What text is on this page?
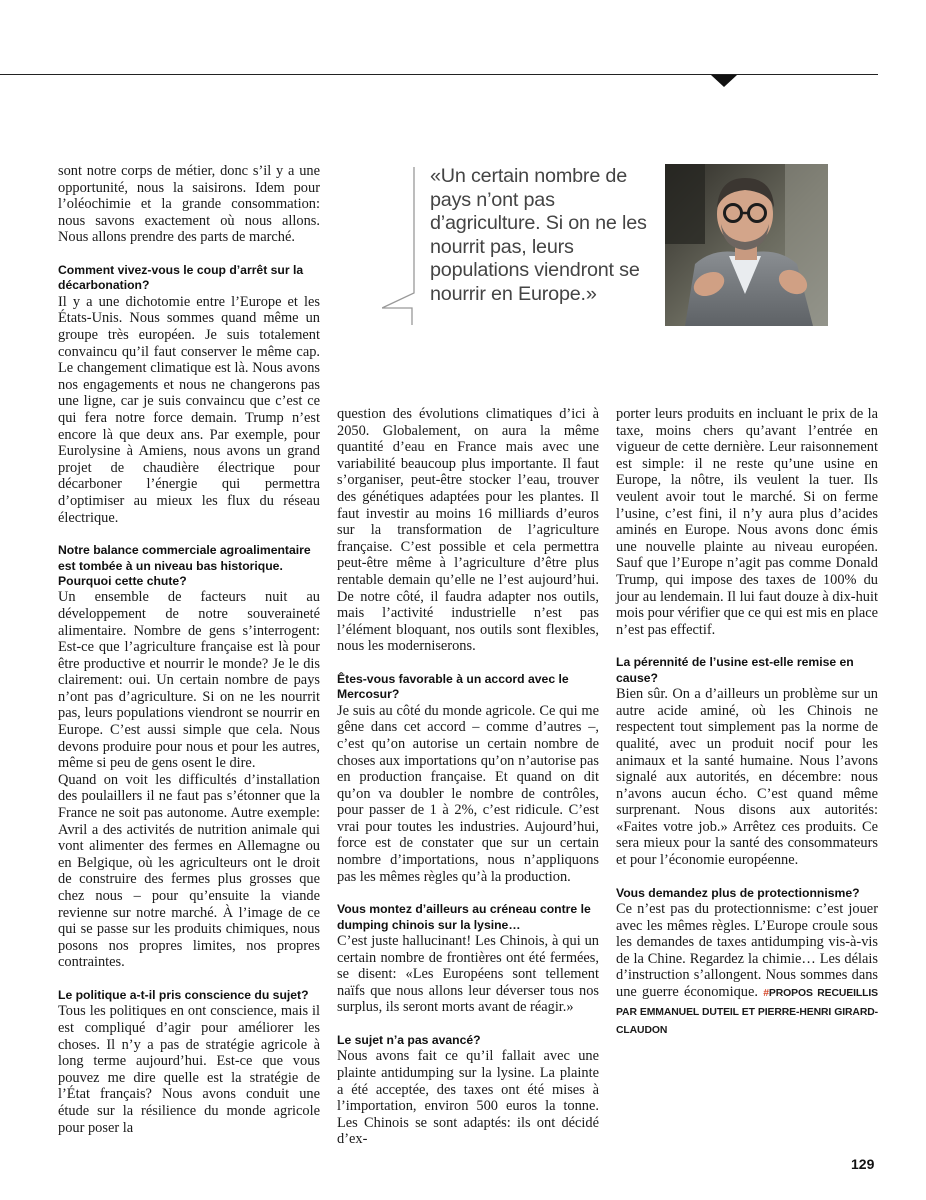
sont notre corps de métier, donc s’il y a une opportunité, nous la saisirons. Idem pour l’oléochimie et la grande consommation: nous savons exactement où nous allons. Nous allons prendre des parts de marché.

Comment vivez-vous le coup d’arrêt sur la décarbonation?

Il y a une dichotomie entre l’Europe et les États-Unis. Nous sommes quand même un groupe très européen. Je suis totalement convaincu qu’il faut conserver le même cap. Le changement climatique est là. Nous avons nos engagements et nous ne changerons pas une ligne, car je suis convaincu que c’est ce qui fera notre force demain. Trump n’est encore là que deux ans. Par exemple, pour Eurolysine à Amiens, nous avons un grand projet de chaudière électrique pour décarboner l’énergie qui permettra d’optimiser au mieux les flux du réseau électrique.

Notre balance commerciale agroalimentaire est tombée à un niveau bas historique. Pourquoi cette chute?

Un ensemble de facteurs nuit au développement de notre souveraineté alimentaire. Nombre de gens s’interrogent: Est-ce que l’agriculture française est là pour être productive et nourrir le monde? Je le dis clairement: oui. Un certain nombre de pays n’ont pas d’agriculture. Si on ne les nourrit pas, leurs populations viendront se nourrir en Europe. C’est aussi simple que cela. Nous devons produire pour nous et pour les autres, même si peu de gens osent le dire.

Quand on voit les difficultés d’installation des poulaillers il ne faut pas s’étonner que la France ne soit pas autonome. Autre exemple: Avril a des activités de nutrition animale qui vont alimenter des fermes en Allemagne ou en Belgique, où les agriculteurs ont le droit de construire des fermes plus grosses que chez nous – pour qu’ensuite la viande revienne sur notre marché. À l’image de ce qui se passe sur les produits chimiques, nous posons nos propres limites, nos propres contraintes.

Le politique a-t-il pris conscience du sujet?

Tous les politiques en ont conscience, mais il est compliqué d’agir pour améliorer les choses. Il n’y a pas de stratégie agricole à long terme aujourd’hui. Est-ce que vous pouvez me dire quelle est la stratégie de l’État français? Nous avons conduit une étude sur la résilience du monde agricole pour poser la

«Un certain nombre de pays n’ont pas d’agriculture. Si on ne les nourrit pas, leurs populations viendront se nourrir en Europe.»

question des évolutions climatiques d’ici à 2050. Globalement, on aura la même quantité d’eau en France mais avec une variabilité beaucoup plus importante. Il faut s’organiser, peut-être stocker l’eau, trouver des génétiques adaptées pour les plantes. Il faut investir au moins 16 milliards d’euros sur la transformation de l’agriculture française. C’est possible et cela permettra peut-être même à l’agriculture d’être plus rentable demain qu’elle ne l’est aujourd’hui. De notre côté, il faudra adapter nos outils, mais l’activité industrielle n’est pas l’élément bloquant, nos outils sont flexibles, nous les moderniserons.

Êtes-vous favorable à un accord avec le Mercosur?

Je suis au côté du monde agricole. Ce qui me gêne dans cet accord – comme d’autres –, c’est qu’on autorise un certain nombre de choses aux importations qu’on n’autorise pas en production française. Et quand on dit qu’on va doubler le nombre de contrôles, pour passer de 1 à 2%, c’est ridicule. C’est vrai pour toutes les industries. Aujourd’hui, force est de constater que sur un certain nombre d’importations, nous n’appliquons pas les mêmes règles qu’à la production.

Vous montez d’ailleurs au créneau contre le dumping chinois sur la lysine…

C’est juste hallucinant! Les Chinois, à qui un certain nombre de frontières ont été fermées, se disent: «Les Européens sont tellement naïfs que nous allons leur déverser tous nos surplus, ils seront morts avant de réagir.»

Le sujet n’a pas avancé?

Nous avons fait ce qu’il fallait avec une plainte antidumping sur la lysine. La plainte a été acceptée, des taxes ont été mises à l’importation, environ 500 euros la tonne. Les Chinois se sont adaptés: ils ont décidé d’ex-

porter leurs produits en incluant le prix de la taxe, moins chers qu’avant l’entrée en vigueur de cette dernière. Leur raisonnement est simple: il ne reste qu’une usine en Europe, la nôtre, ils veulent la tuer. Ils veulent avoir tout le marché. Si on ferme l’usine, c’est fini, il n’y aura plus d’acides aminés en Europe. Nous avons donc émis une nouvelle plainte au niveau européen. Sauf que l’Europe n’agit pas comme Donald Trump, qui impose des taxes de 100% du jour au lendemain. Il lui faut douze à dix-huit mois pour vérifier que ce qui est mis en place n’est pas effectif.

La pérennité de l’usine est-elle remise en cause?

Bien sûr. On a d’ailleurs un problème sur un autre acide aminé, où les Chinois ne respectent tout simplement pas la norme de qualité, avec un produit nocif pour les animaux et la santé humaine. Nous l’avons signalé aux autorités, en décembre: nous n’avons aucun écho. C’est quand même surprenant. Nous disons aux autorités: «Faites votre job.» Arrêtez ces produits. Ce sera mieux pour la santé des consommateurs et pour l’économie européenne.

Vous demandez plus de protectionnisme?

Ce n’est pas du protectionnisme: c’est jouer avec les mêmes règles. L’Europe croule sous les demandes de taxes antidumping vis-à-vis de la Chine. Regardez la chimie… Les délais d’instruction s’allongent. Nous sommes dans une guerre économique. #PROPOS RECUEILLIS PAR EMMANUEL DUTEIL ET PIERRE-HENRI GIRARD-CLAUDON

129
